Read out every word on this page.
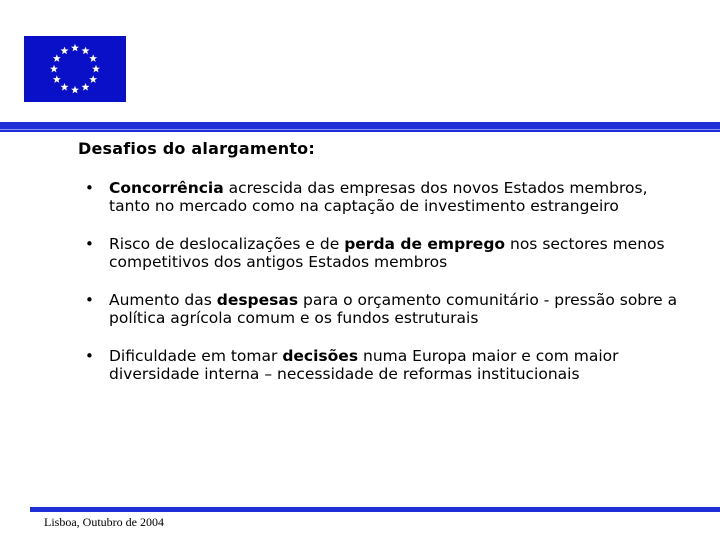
Desafios do alargamento:
• Concorrência acrescida das empresas dos novos Estados membros, tanto no mercado como na captação de investimento estrangeiro
• Risco de deslocalizações e de perda de emprego nos sectores menos competitivos dos antigos Estados membros
• Aumento das despesas para o orçamento comunitário - pressão sobre a política agrícola comum e os fundos estruturais
• Dificuldade em tomar decisões numa Europa maior e com maior diversidade interna – necessidade de reformas institucionais
Lisboa, Outubro de 2004
